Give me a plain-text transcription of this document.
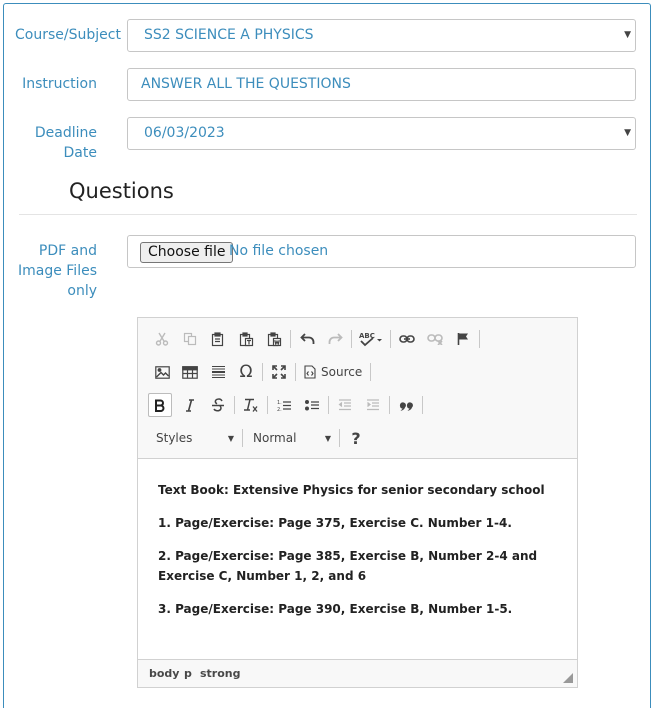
Course/Subject	SS2 SCIENCE A PHYSICS	▼
Instruction	ANSWER ALL THE QUESTIONS
Deadline
Date
06/03/2023	▼
Questions
PDF and
Image Files
only
Choose file No file chosen
ABC
Ω	Source
1.
2.
Styles	▼ Normal	▼	?

Text Book: Extensive Physics for senior secondary school

1. Page/Exercise: Page 375, Exercise C. Number 1-4.

2. Page/Exercise: Page 385, Exercise B, Number 2-4 and Exercise C, Number 1, 2, and 6

3. Page/Exercise: Page 390, Exercise B, Number 1-5.

body p strong
